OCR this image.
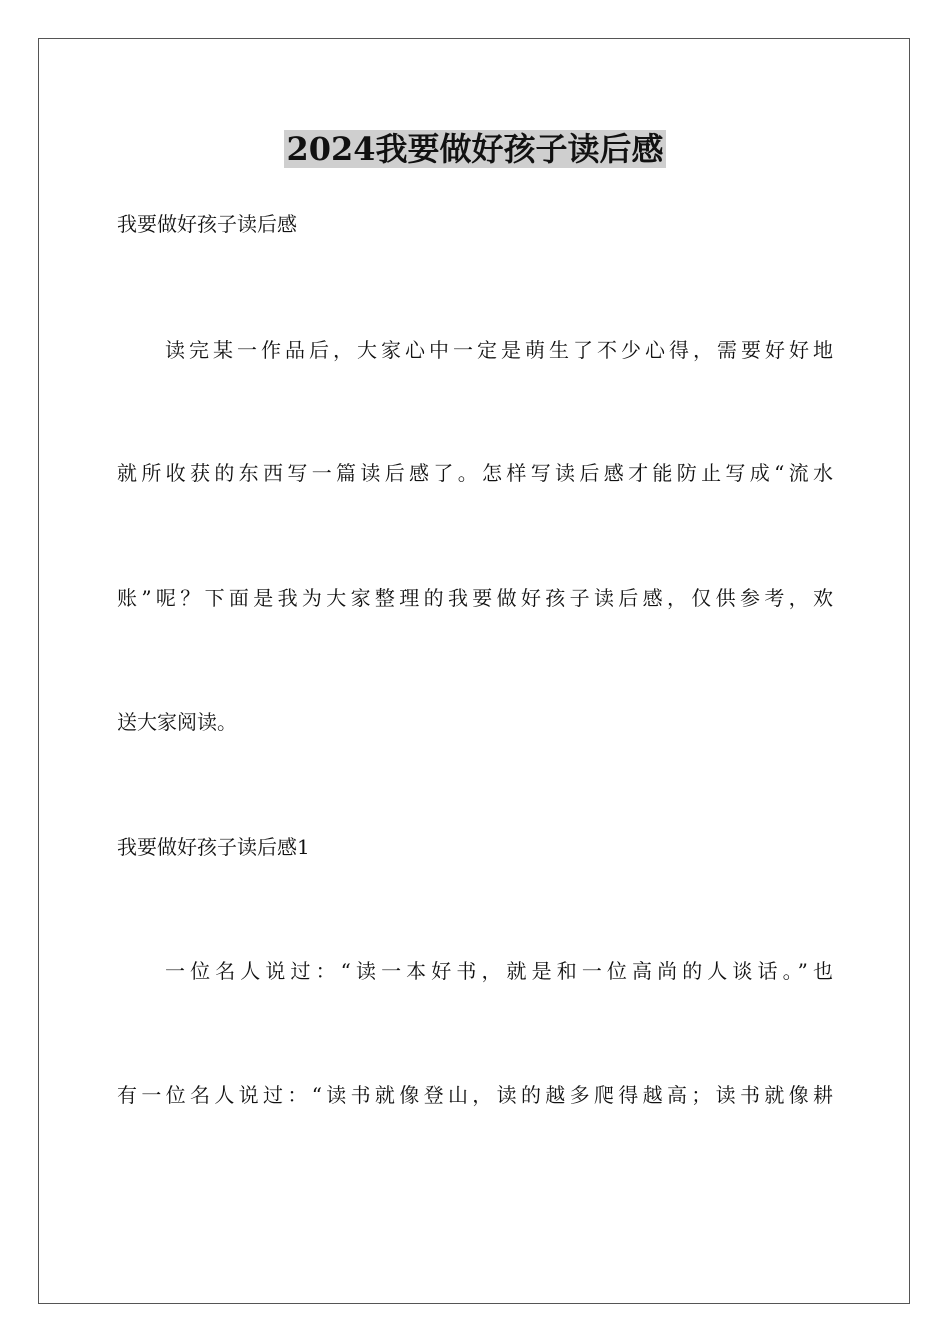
2024我要做好孩子读后感

我要做好孩子读后感

读完某一作品后，大家心中一定是萌生了不少心得，需要好好地

就所收获的东西写一篇读后感了。怎样写读后感才能防止写成“流水

账”呢？下面是我为大家整理的我要做好孩子读后感，仅供参考，欢

送大家阅读。

我要做好孩子读后感1

一位名人说过：“读一本好书，就是和一位高尚的人谈话。”也

有一位名人说过：“读书就像登山，读的越多爬得越高；读书就像耕
